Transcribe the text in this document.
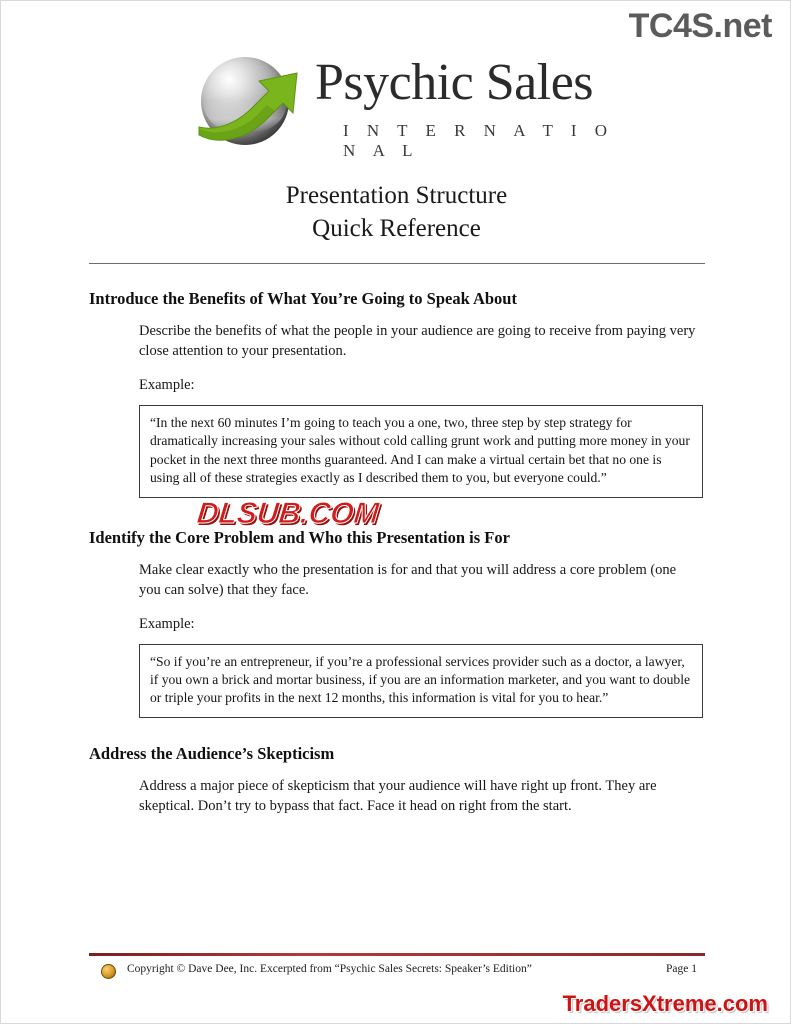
TC4S.net
Psychic Sales
I N T E R N A T I O N A L
Presentation Structure
Quick Reference
Introduce the Benefits of What You’re Going to Speak About

Describe the benefits of what the people in your audience are going to receive from paying very close attention to your presentation.

Example:

“In the next 60 minutes I’m going to teach you a one, two, three step by step strategy for dramatically increasing your sales without cold calling grunt work and putting more money in your pocket in the next three months guaranteed. And I can make a virtual certain bet that no one is using all of these strategies exactly as I described them to you, but everyone could.”
Identify the Core Problem and Who this Presentation is For

Make clear exactly who the presentation is for and that you will address a core problem (one you can solve) that they face.

Example:

“So if you’re an entrepreneur, if you’re a professional services provider such as a doctor, a lawyer, if you own a brick and mortar business, if you are an information marketer, and you want to double or triple your profits in the next 12 months, this information is vital for you to hear.”
Address the Audience’s Skepticism

Address a major piece of skepticism that your audience will have right up front. They are skeptical. Don’t try to bypass that fact. Face it head on right from the start.

DLSUB.COM
Copyright © Dave Dee, Inc. Excerpted from “Psychic Sales Secrets: Speaker’s Edition”	Page 1
TradersXtreme.com
